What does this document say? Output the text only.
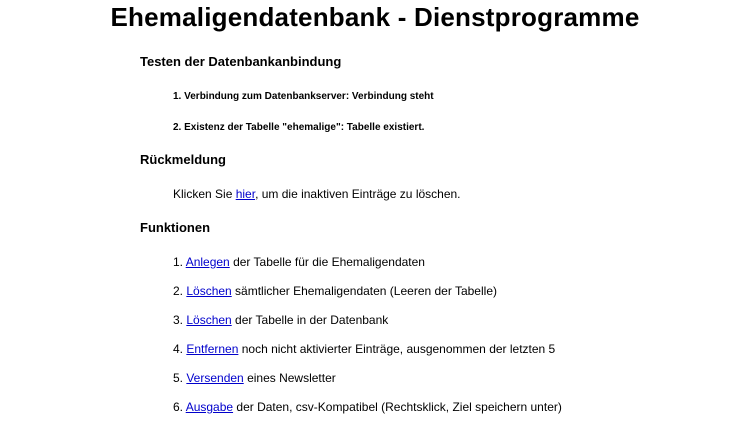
Ehemaligendatenbank - Dienstprogramme
Testen der Datenbankanbindung

1. Verbindung zum Datenbankserver: Verbindung steht

2. Existenz der Tabelle "ehemalige": Tabelle existiert.

Rückmeldung

Klicken Sie hier, um die inaktiven Einträge zu löschen.

Funktionen

1. Anlegen der Tabelle für die Ehemaligendaten

2. Löschen sämtlicher Ehemaligendaten (Leeren der Tabelle)

3. Löschen der Tabelle in der Datenbank

4. Entfernen noch nicht aktivierter Einträge, ausgenommen der letzten 5

5. Versenden eines Newsletter

6. Ausgabe der Daten, csv-Kompatibel (Rechtsklick, Ziel speichern unter)
